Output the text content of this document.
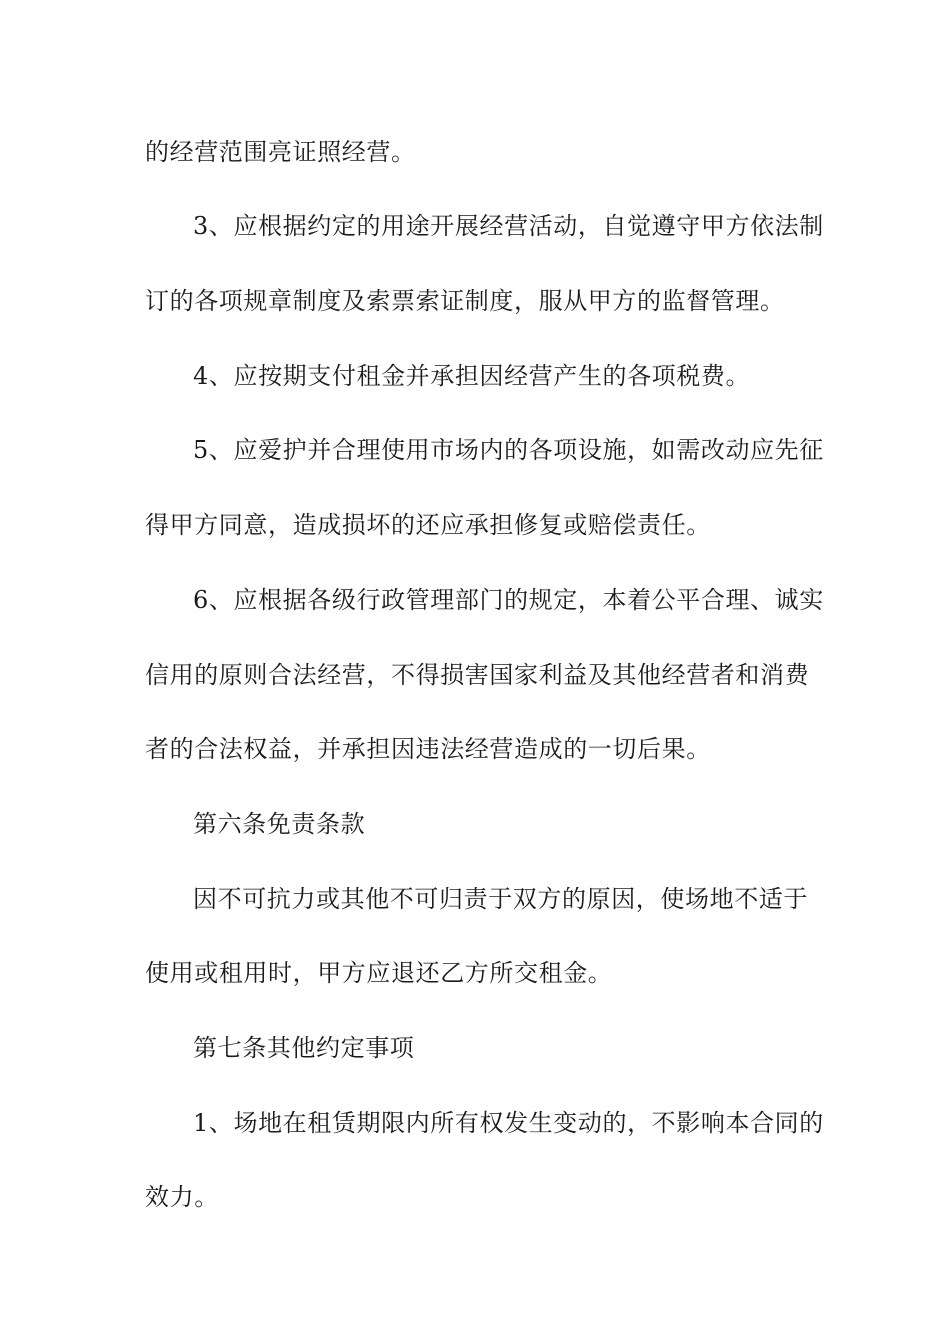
的经营范围亮证照经营。
3、应根据约定的用途开展经营活动，自觉遵守甲方依法制
订的各项规章制度及索票索证制度，服从甲方的监督管理。
4、应按期支付租金并承担因经营产生的各项税费。
5、应爱护并合理使用市场内的各项设施，如需改动应先征
得甲方同意，造成损坏的还应承担修复或赔偿责任。
6、应根据各级行政管理部门的规定，本着公平合理、诚实
信用的原则合法经营，不得损害国家利益及其他经营者和消费
者的合法权益，并承担因违法经营造成的一切后果。
第六条免责条款
因不可抗力或其他不可归责于双方的原因，使场地不适于
使用或租用时，甲方应退还乙方所交租金。
第七条其他约定事项
1、场地在租赁期限内所有权发生变动的，不影响本合同的
效力。
